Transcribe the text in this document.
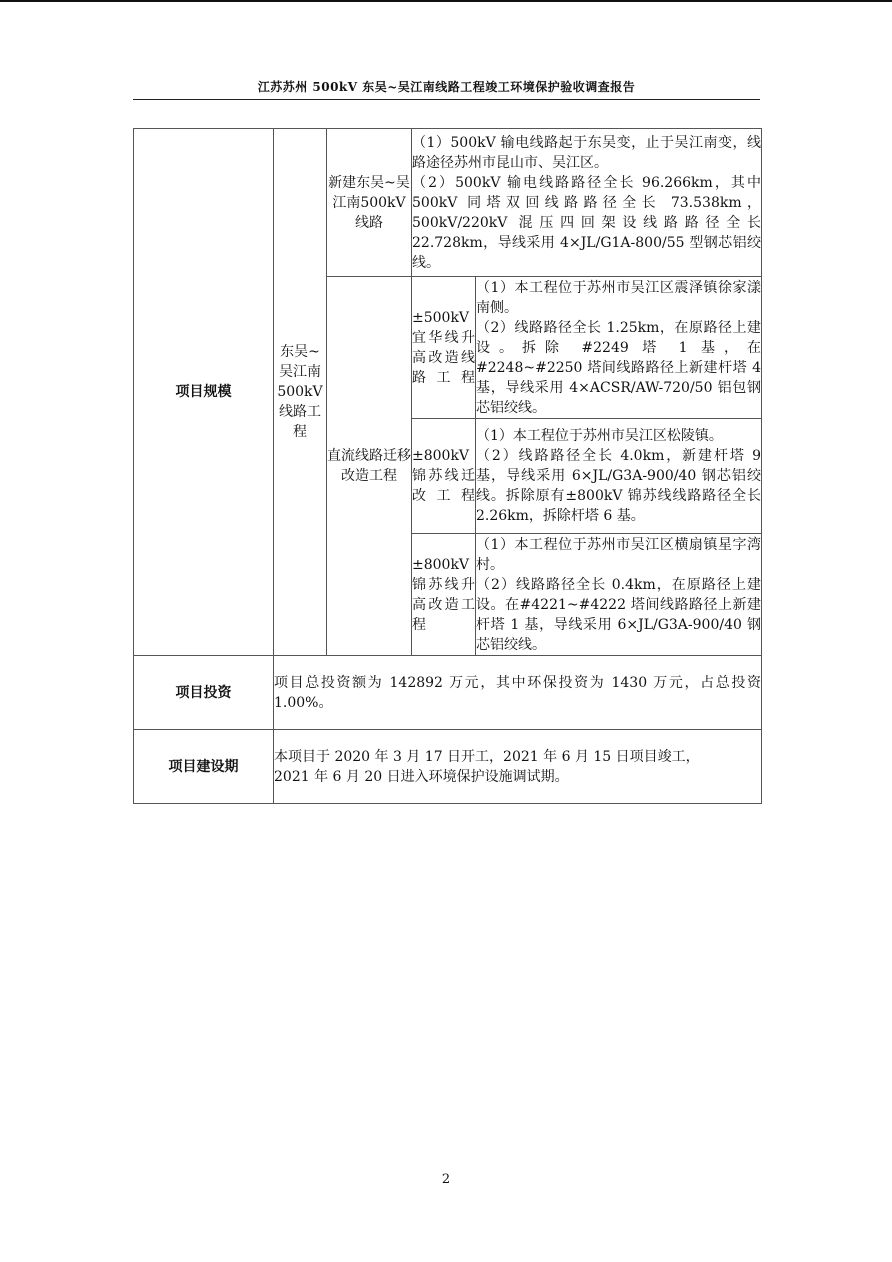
江苏苏州 500kV 东吴~吴江南线路工程竣工环境保护验收调查报告
项目规模	东吴~吴江南500kV线路工程	新建东吴~吴江南500kV线路	（1）500kV 输电线路起于东吴变，止于吴江南变，线路途径苏州市昆山市、吴江区。

（2）500kV 输电线路路径全长 96.266km，其中 500kV 同塔双回线路路径全长 73.538km，500kV/220kV 混压四回架设线路路径全长 22.728km，导线采用 4×JL/G1A-800/55 型钢芯铝绞线。	

		直流线路迁移改造工程	±500kV 宜华线升高改造线路工程	（1）本工程位于苏州市吴江区震泽镇徐家漾南侧。

（2）线路路径全长 1.25km，在原路径上建设。拆除 #2249 塔 1 基，在 #2248~#2250 塔间线路路径上新建杆塔 4 基，导线采用 4×ACSR/AW-720/50 铝包钢芯铝绞线。

			±800kV 锦苏线迁改工程	（1）本工程位于苏州市吴江区松陵镇。

（2）线路路径全长 4.0km，新建杆塔 9 基，导线采用 6×JL/G3A-900/40 钢芯铝绞线。拆除原有±800kV 锦苏线线路路径全长 2.26km，拆除杆塔 6 基。

			±800kV 锦苏线升高改造工程	（1）本工程位于苏州市吴江区横扇镇星字湾村。

（2）线路路径全长 0.4km，在原路径上建设。在#4221~#4222 塔间线路路径上新建杆塔 1 基，导线采用 6×JL/G3A-900/40 钢芯铝绞线。

项目投资	项目总投资额为 142892 万元，其中环保投资为 1430 万元，占总投资 1.00%。			
项目建设期	本项目于 2020 年 3 月 17 日开工，2021 年 6 月 15 日项目竣工，

2021 年 6 月 20 日进入环境保护设施调试期。			

2
